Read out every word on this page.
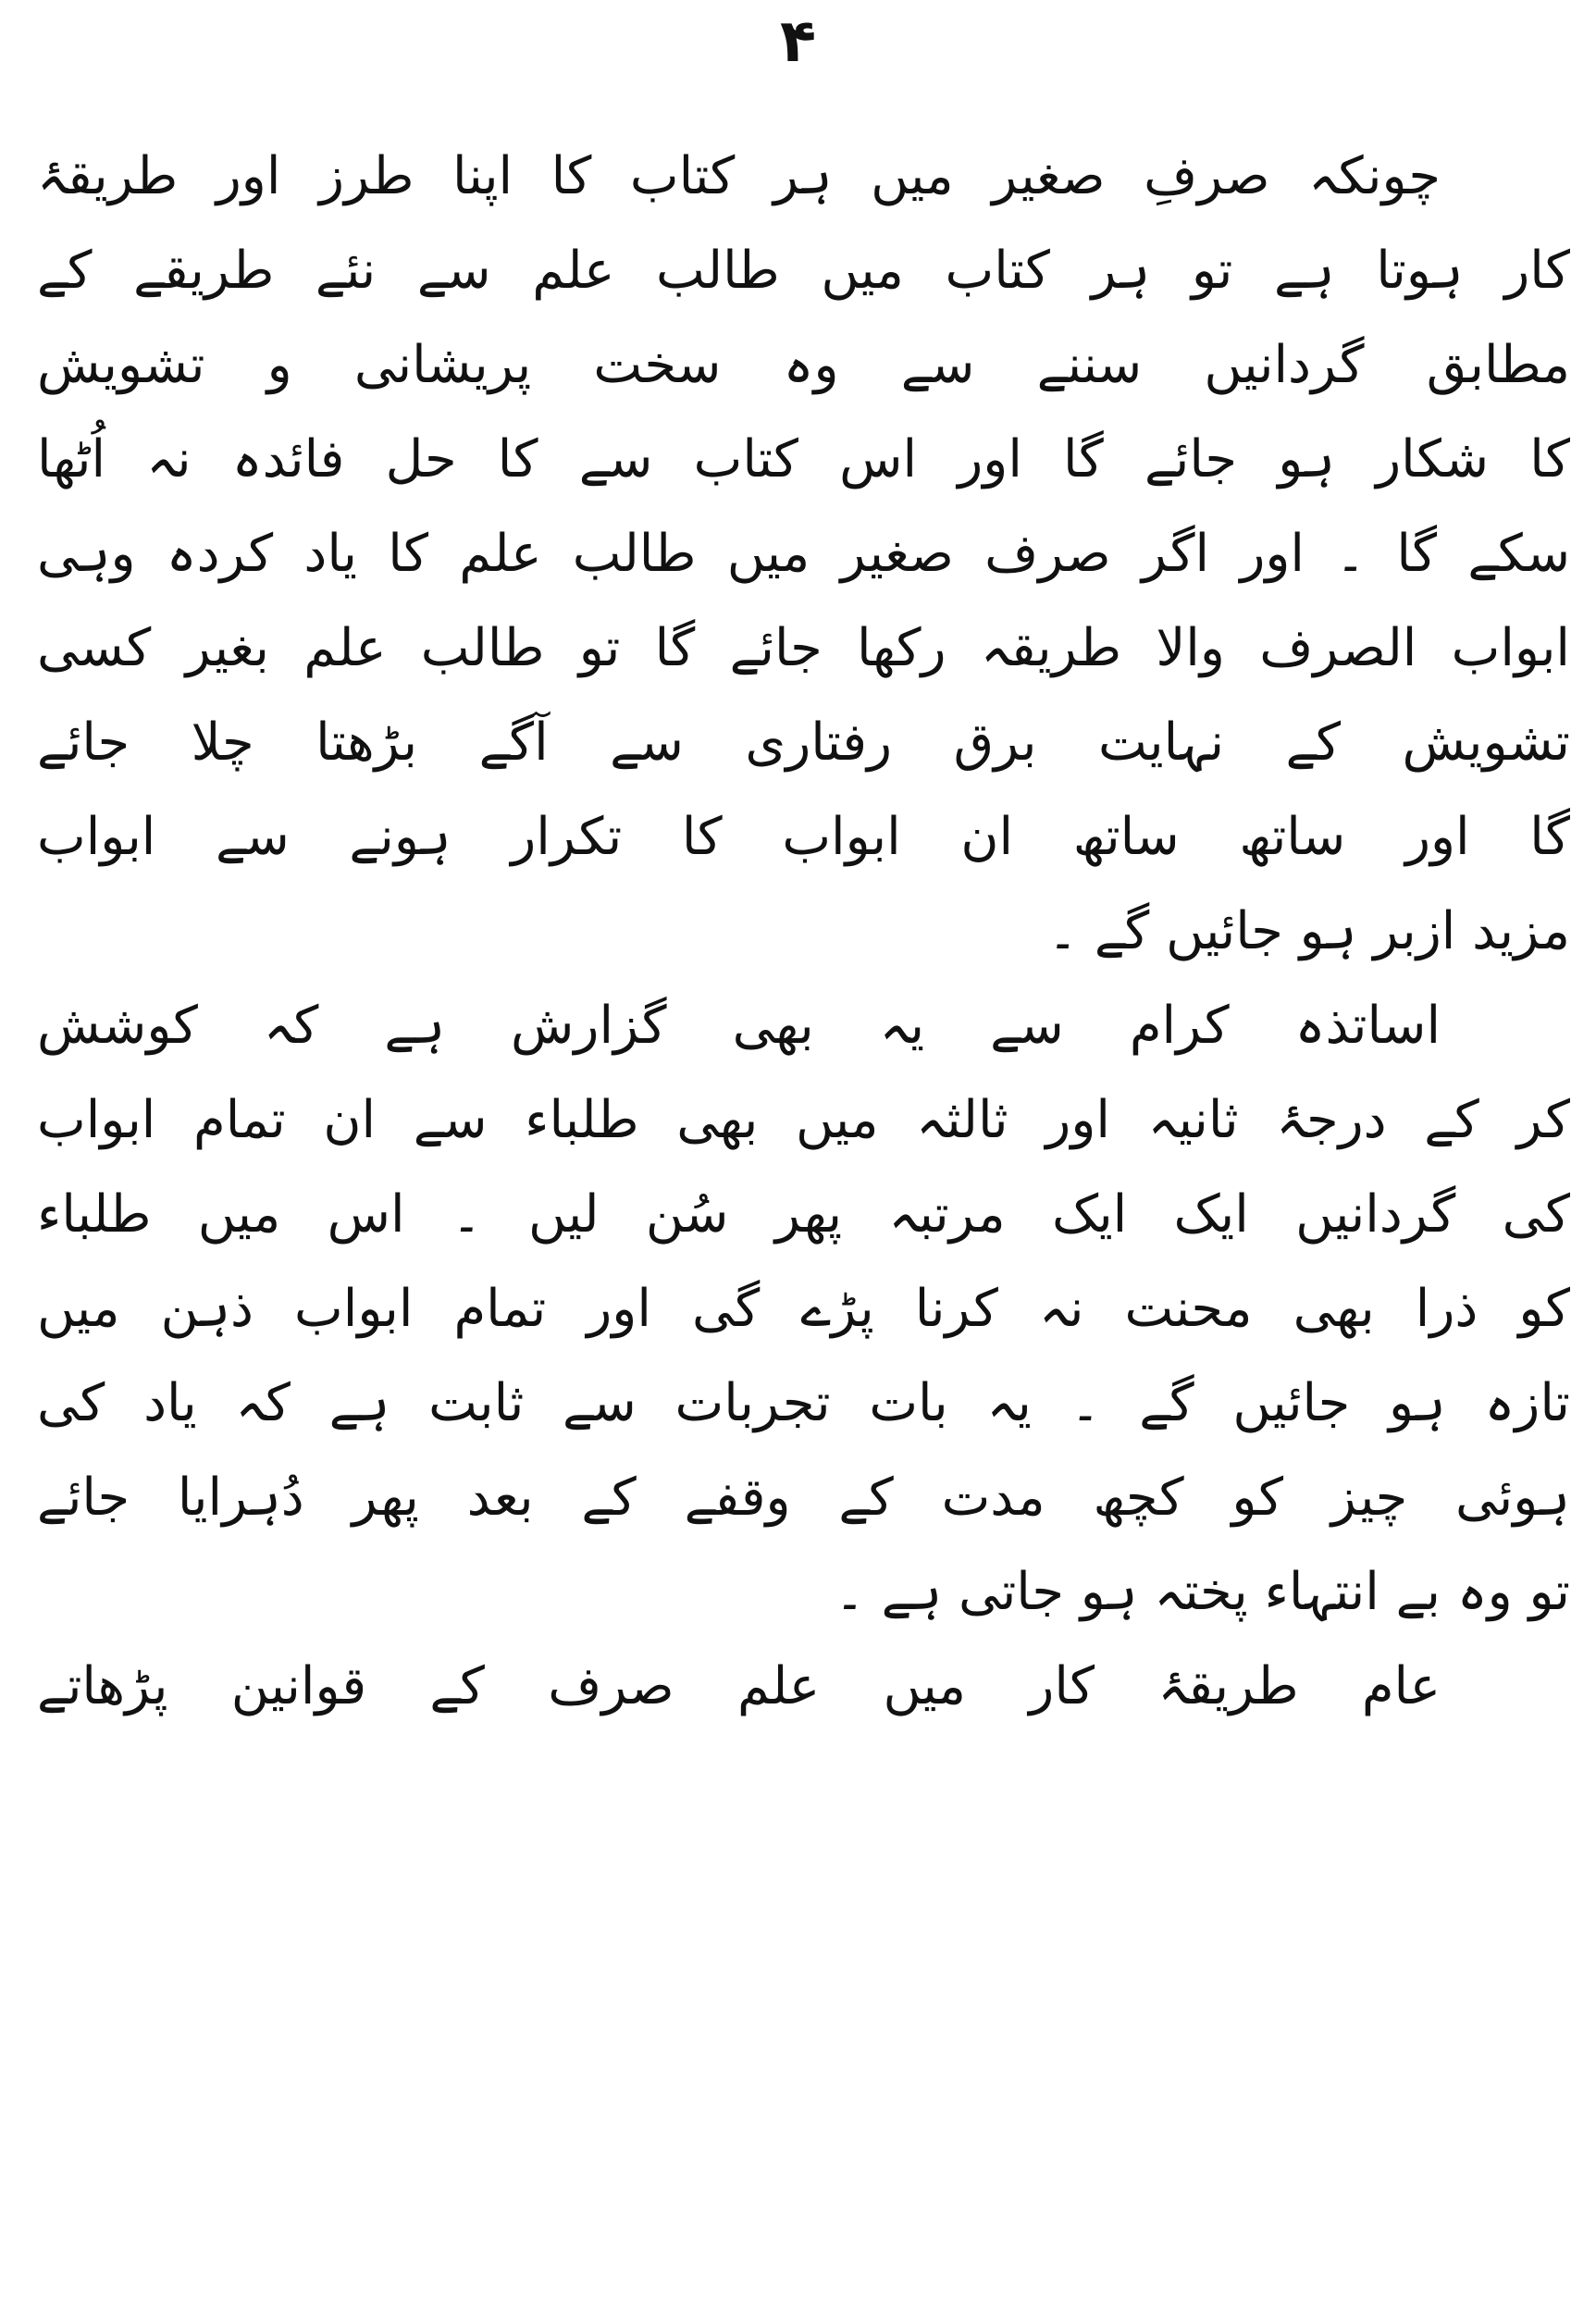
۴
چونکہ صرفِ صغیر میں ہر کتاب کا اپنا طرز اور طریقۂ
کار ہوتا ہے تو ہر کتاب میں طالب علم سے نئے طریقے کے
مطابق گردانیں سننے سے وہ سخت پریشانی و تشویش
کا شکار ہو جائے گا اور اس کتاب سے کا حل فائدہ نہ اُٹھا
سکے گا ۔ اور اگر صرف صغیر میں طالب علم کا یاد کردہ وہی
ابواب الصرف والا طریقہ رکھا جائے گا تو طالب علم بغیر کسی
تشویش کے نہایت برق رفتاری سے آگے بڑھتا چلا جائے
گا اور ساتھ ساتھ ان ابواب کا تکرار ہونے سے ابواب
مزید ازبر ہو جائیں گے ۔
اساتذہ کرام سے یہ بھی گزارش ہے کہ کوشش
کر کے درجۂ ثانیہ اور ثالثہ میں بھی طلباء سے ان تمام ابواب
کی گردانیں ایک ایک مرتبہ پھر سُن لیں ۔ اس میں طلباء
کو ذرا بھی محنت نہ کرنا پڑے گی اور تمام ابواب ذہن میں
تازہ ہو جائیں گے ۔ یہ بات تجربات سے ثابت ہے کہ یاد کی
ہوئی چیز کو کچھ مدت کے وقفے کے بعد پھر دُہرایا جائے
تو وہ بے انتہاء پختہ ہو جاتی ہے ۔
عام طریقۂ کار میں علم صرف کے قوانین پڑھاتے
